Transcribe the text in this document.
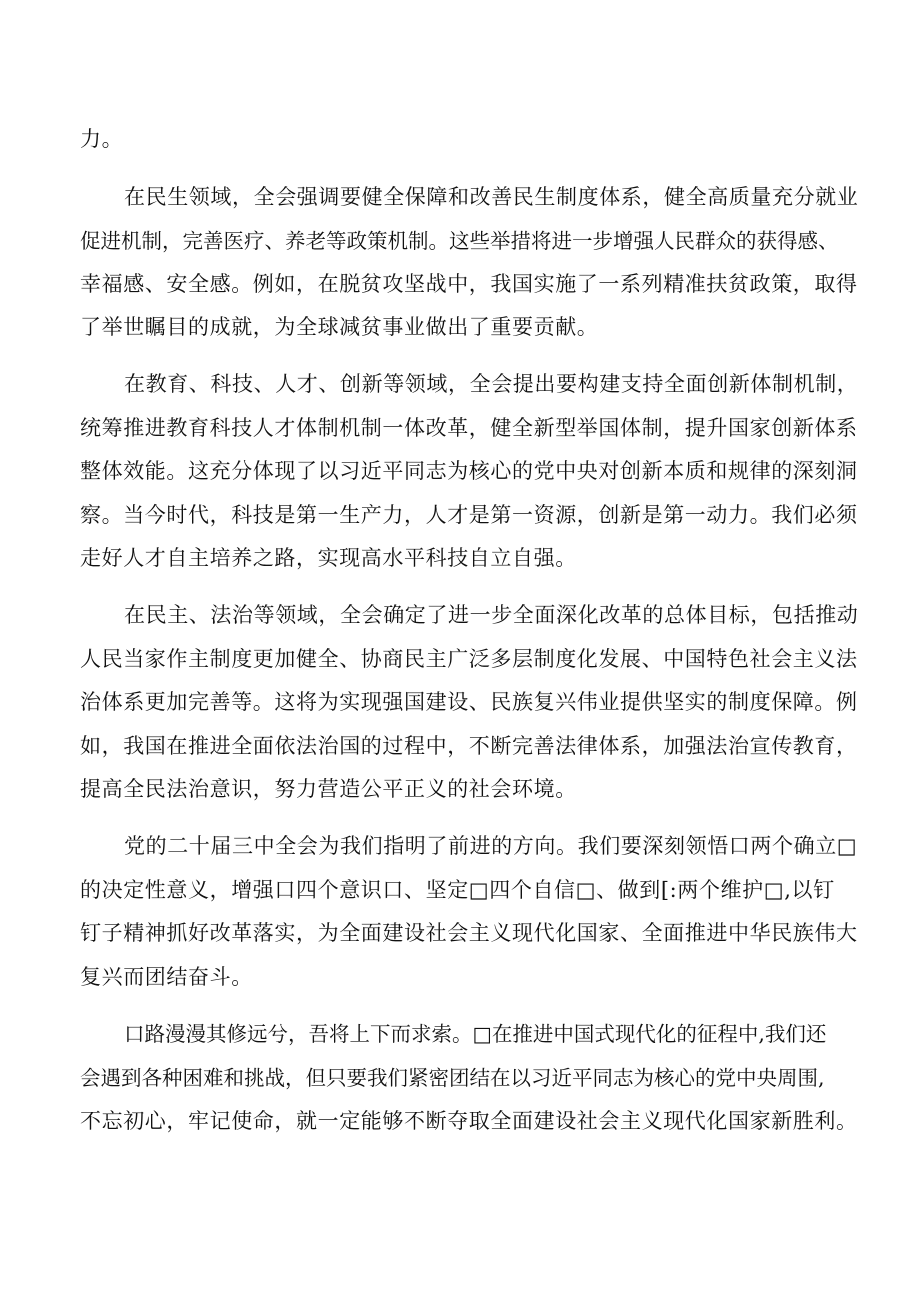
力。
在民生领域，全会强调要健全保障和改善民生制度体系，健全高质量充分就业
促进机制，完善医疗、养老等政策机制。这些举措将进一步增强人民群众的获得感、
幸福感、安全感。例如，在脱贫攻坚战中，我国实施了一系列精准扶贫政策，取得
了举世瞩目的成就，为全球减贫事业做出了重要贡献。
在教育、科技、人才、创新等领域，全会提出要构建支持全面创新体制机制，
统筹推进教育科技人才体制机制一体改革，健全新型举国体制，提升国家创新体系
整体效能。这充分体现了以习近平同志为核心的党中央对创新本质和规律的深刻洞
察。当今时代，科技是第一生产力，人才是第一资源，创新是第一动力。我们必须
走好人才自主培养之路，实现高水平科技自立自强。
在民主、法治等领域，全会确定了进一步全面深化改革的总体目标，包括推动
人民当家作主制度更加健全、协商民主广泛多层制度化发展、中国特色社会主义法
治体系更加完善等。这将为实现强国建设、民族复兴伟业提供坚实的制度保障。例
如，我国在推进全面依法治国的过程中，不断完善法律体系，加强法治宣传教育，
提高全民法治意识，努力营造公平正义的社会环境。
党的二十届三中全会为我们指明了前进的方向。我们要深刻领悟口两个确立□
的决定性意义，增强口四个意识口、坚定□四个自信□、做到[:两个维护□,以钉
钉子精神抓好改革落实，为全面建设社会主义现代化国家、全面推进中华民族伟大
复兴而团结奋斗。
口路漫漫其修远兮，吾将上下而求索。□在推进中国式现代化的征程中,我们还
会遇到各种困难和挑战，但只要我们紧密团结在以习近平同志为核心的党中央周围,
不忘初心，牢记使命，就一定能够不断夺取全面建设社会主义现代化国家新胜利。
